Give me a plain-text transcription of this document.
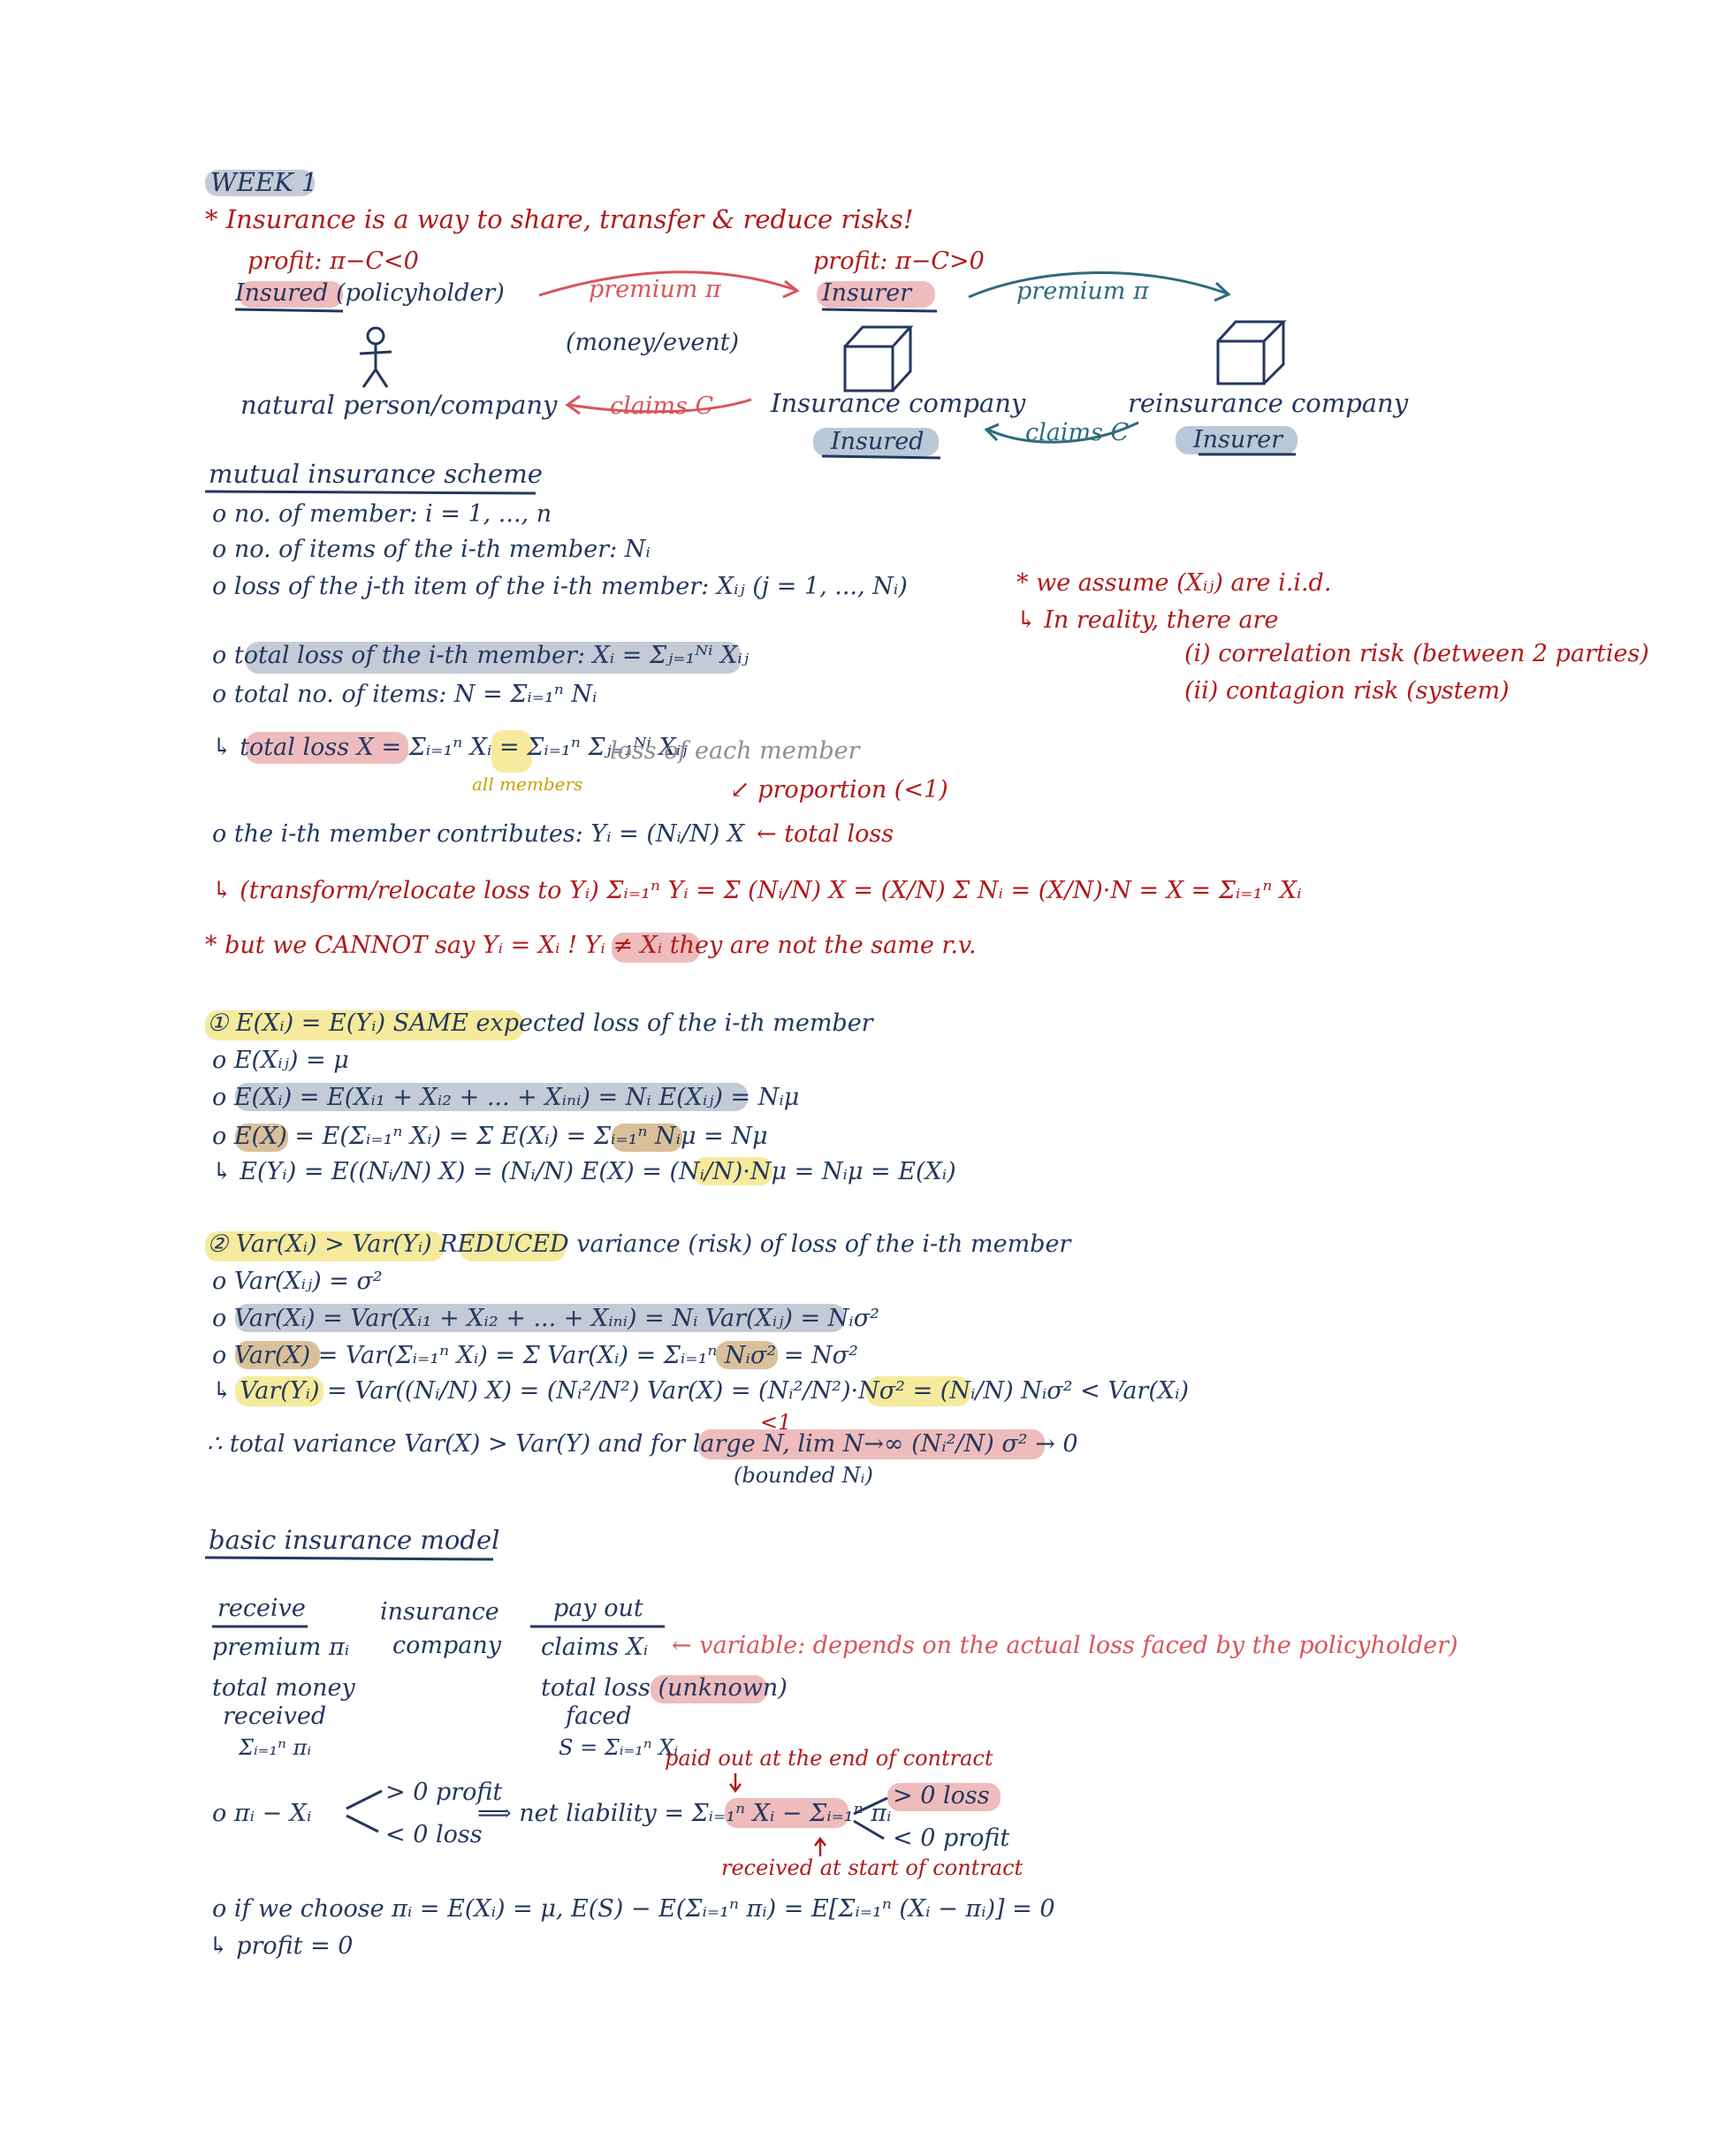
WEEK 1
* Insurance is a way to share, transfer & reduce risks!
profit: π−C<0
Insured (policyholder)	premium π
profit: π−C>0
Insurer	premium π
(money/event)
natural person/company claims C Insurance company	reinsurance company
Insured	claims C	Insurer
mutual insurance scheme
o no. of member: i = 1, ..., n
o no. of items of the i-th member: Nᵢ
o loss of the j-th item of the i-th member: Xᵢⱼ (j = 1, ..., Nᵢ)	* we assume (Xᵢⱼ) are i.i.d.
↳ In reality, there are
(i) correlation risk (between 2 parties)
(ii) contagion risk (system)
o total loss of the i-th member: Xᵢ = Σⱼ₌₁ᴺⁱ Xᵢⱼ
o total no. of items: N = Σᵢ₌₁ⁿ Nᵢ
↳ total loss X = Σᵢ₌₁ⁿ Xᵢ = Σᵢ₌₁ⁿ Σⱼ₌₁ᴺⁱ Xᵢⱼ
loss of each member
all members	↙ proportion (<1)
o the i-th member contributes: Yᵢ = (Nᵢ/N) X ← total loss
↳ (transform/relocate loss to Yᵢ) Σᵢ₌₁ⁿ Yᵢ = Σ (Nᵢ/N) X = (X/N) Σ Nᵢ = (X/N)·N = X = Σᵢ₌₁ⁿ Xᵢ
* but we CANNOT say Yᵢ = Xᵢ ! Yᵢ ≠ Xᵢ they are not the same r.v.
① E(Xᵢ) = E(Yᵢ) SAME expected loss of the i-th member
o E(Xᵢⱼ) = μ
o E(Xᵢ) = E(Xᵢ₁ + Xᵢ₂ + ... + Xᵢₙᵢ) = Nᵢ E(Xᵢⱼ) = Nᵢμ
o E(X) = E(Σᵢ₌₁ⁿ Xᵢ) = Σ E(Xᵢ) = Σᵢ₌₁ⁿ Nᵢμ = Nμ
↳ E(Yᵢ) = E((Nᵢ/N) X) = (Nᵢ/N) E(X) = (Nᵢ/N)·Nμ = Nᵢμ = E(Xᵢ)
② Var(Xᵢ) > Var(Yᵢ) REDUCED variance (risk) of loss of the i-th member
o Var(Xᵢⱼ) = σ²
o Var(Xᵢ) = Var(Xᵢ₁ + Xᵢ₂ + ... + Xᵢₙᵢ) = Nᵢ Var(Xᵢⱼ) = Nᵢσ²
o Var(X) = Var(Σᵢ₌₁ⁿ Xᵢ) = Σ Var(Xᵢ) = Σᵢ₌₁ⁿ Nᵢσ² = Nσ²
↳ Var(Yᵢ) = Var((Nᵢ/N) X) = (Nᵢ²/N²) Var(X) = (Nᵢ²/N²)·Nσ² = (Nᵢ/N) Nᵢσ² < Var(Xᵢ)
<1
∴ total variance Var(X) > Var(Y) and for large N, lim N→∞ (Nᵢ²/N) σ² → 0
(bounded Nᵢ)
basic insurance model
receive
premium πᵢ
insurance
company
pay out
claims Xᵢ ← variable: depends on the actual loss faced by the policyholder)
total money
received
Σᵢ₌₁ⁿ πᵢ
total loss (unknown)
faced
S = Σᵢ₌₁ⁿ Xᵢ
paid out at the end of contract
o πᵢ − Xᵢ
> 0 profit
< 0 loss
⟹ net liability = Σᵢ₌₁ⁿ Xᵢ − Σᵢ₌₁ⁿ πᵢ
> 0 loss
< 0 profit
received at start of contract
o if we choose πᵢ = E(Xᵢ) = μ, E(S) − E(Σᵢ₌₁ⁿ πᵢ) = E[Σᵢ₌₁ⁿ (Xᵢ − πᵢ)] = 0
↳ profit = 0
